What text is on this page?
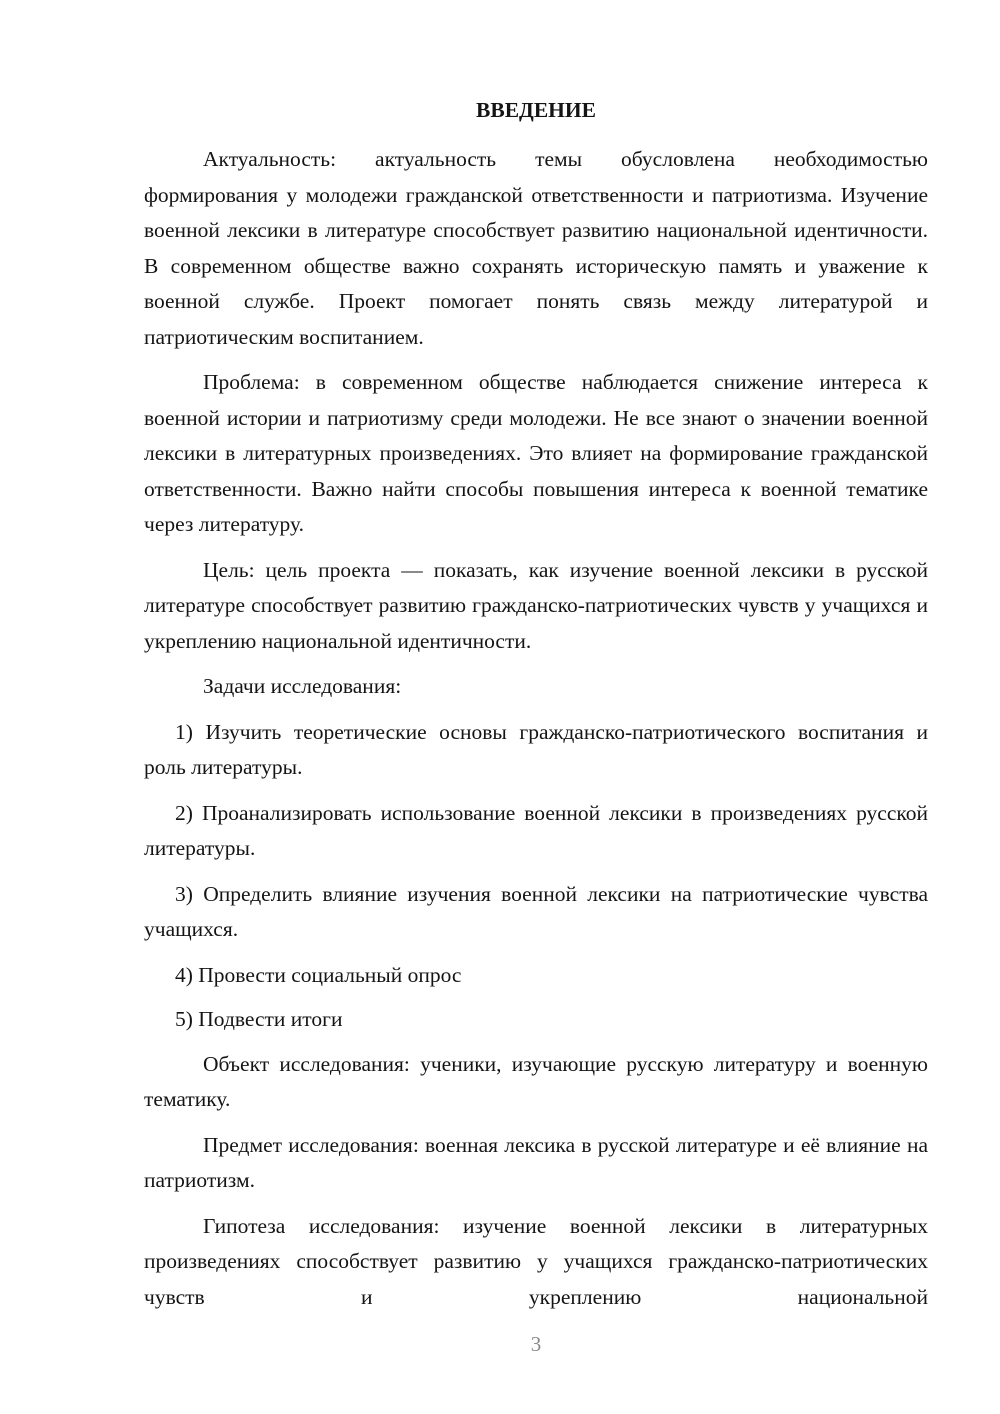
ВВЕДЕНИЕ

Актуальность: актуальность темы обусловлена необходимостью формирования у молодежи гражданской ответственности и патриотизма. Изучение военной лексики в литературе способствует развитию национальной идентичности. В современном обществе важно сохранять историческую память и уважение к военной службе. Проект помогает понять связь между литературой и патриотическим воспитанием.

Проблема: в современном обществе наблюдается снижение интереса к военной истории и патриотизму среди молодежи. Не все знают о значении военной лексики в литературных произведениях. Это влияет на формирование гражданской ответственности. Важно найти способы повышения интереса к военной тематике через литературу.

Цель: цель проекта — показать, как изучение военной лексики в русской литературе способствует развитию гражданско-патриотических чувств у учащихся и укреплению национальной идентичности.

Задачи исследования:

1) Изучить теоретические основы гражданско-патриотического воспитания и роль литературы.

2) Проанализировать использование военной лексики в произведениях русской литературы.

3) Определить влияние изучения военной лексики на патриотические чувства учащихся.

4) Провести социальный опрос

5) Подвести итоги

Объект исследования: ученики, изучающие русскую литературу и военную тематику.

Предмет исследования: военная лексика в русской литературе и её влияние на патриотизм.

Гипотеза исследования: изучение военной лексики в литературных произведениях способствует развитию у учащихся гражданско-патриотических чувств и укреплению национальной

3
